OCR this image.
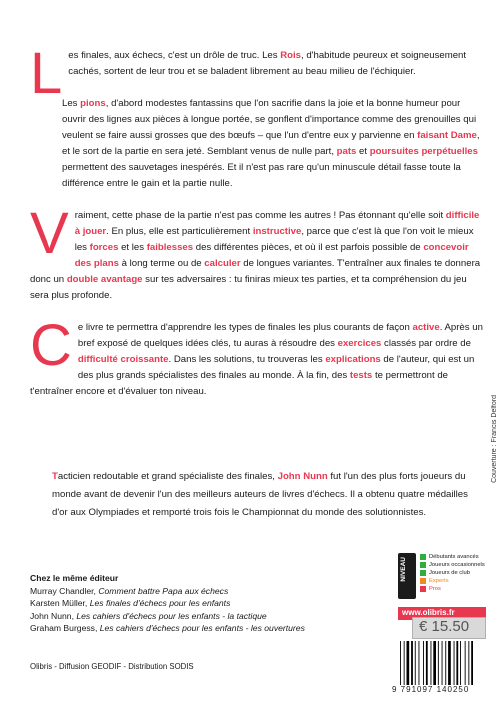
L es finales, aux échecs, c'est un drôle de truc. Les Rois, d'habitude peureux et soigneusement cachés, sortent de leur trou et se baladent librement au beau milieu de l'échiquier.

Les pions, d'abord modestes fantassins que l'on sacrifie dans la joie et la bonne humeur pour ouvrir des lignes aux pièces à longue portée, se gonflent d'importance comme des grenouilles qui veulent se faire aussi grosses que des bœufs – que l'un d'entre eux y parvienne en faisant Dame, et le sort de la partie en sera jeté. Semblant venus de nulle part, pats et poursuites perpétuelles permettent des sauvetages inespérés. Et il n'est pas rare qu'un minuscule détail fasse toute la différence entre le gain et la partie nulle.

V raiment, cette phase de la partie n'est pas comme les autres ! Pas étonnant qu'elle soit difficile à jouer. En plus, elle est particulièrement instructive, parce que c'est là que l'on voit le mieux les forces et les faiblesses des différentes pièces, et où il est parfois possible de concevoir des plans à long terme ou de calculer de longues variantes. T'entraîner aux finales te donnera donc un double avantage sur tes adversaires : tu finiras mieux tes parties, et ta compréhension du jeu sera plus profonde.

C e livre te permettra d'apprendre les types de finales les plus courants de façon active. Après un bref exposé de quelques idées clés, tu auras à résoudre des exercices classés par ordre de difficulté croissante. Dans les solutions, tu trouveras les explications de l'auteur, qui est un des plus grands spécialistes des finales au monde. À la fin, des tests te permettront de t'entraîner encore et d'évaluer ton niveau.

Tacticien redoutable et grand spécialiste des finales, John Nunn fut l'un des plus forts joueurs du monde avant de devenir l'un des meilleurs auteurs de livres d'échecs. Il a obtenu quatre médailles d'or aux Olympiades et remporté trois fois le Championnat du monde des solutionnistes.
Chez le même éditeur
Murray Chandler, Comment battre Papa aux échecs
Karsten Müller, Les finales d'échecs pour les enfants
John Nunn, Les cahiers d'échecs pour les enfants - la tactique
Graham Burgess, Les cahiers d'échecs pour les enfants - les ouvertures
Olibris - Diffusion GEODIF - Distribution SODIS
Couverture : Francis Delford
NIVEAU	Débutants avancés
Joueurs occasionnels
Joueurs de club
Experts
Pros
www.olibris.fr
€ 15.50
9 791097 140250
